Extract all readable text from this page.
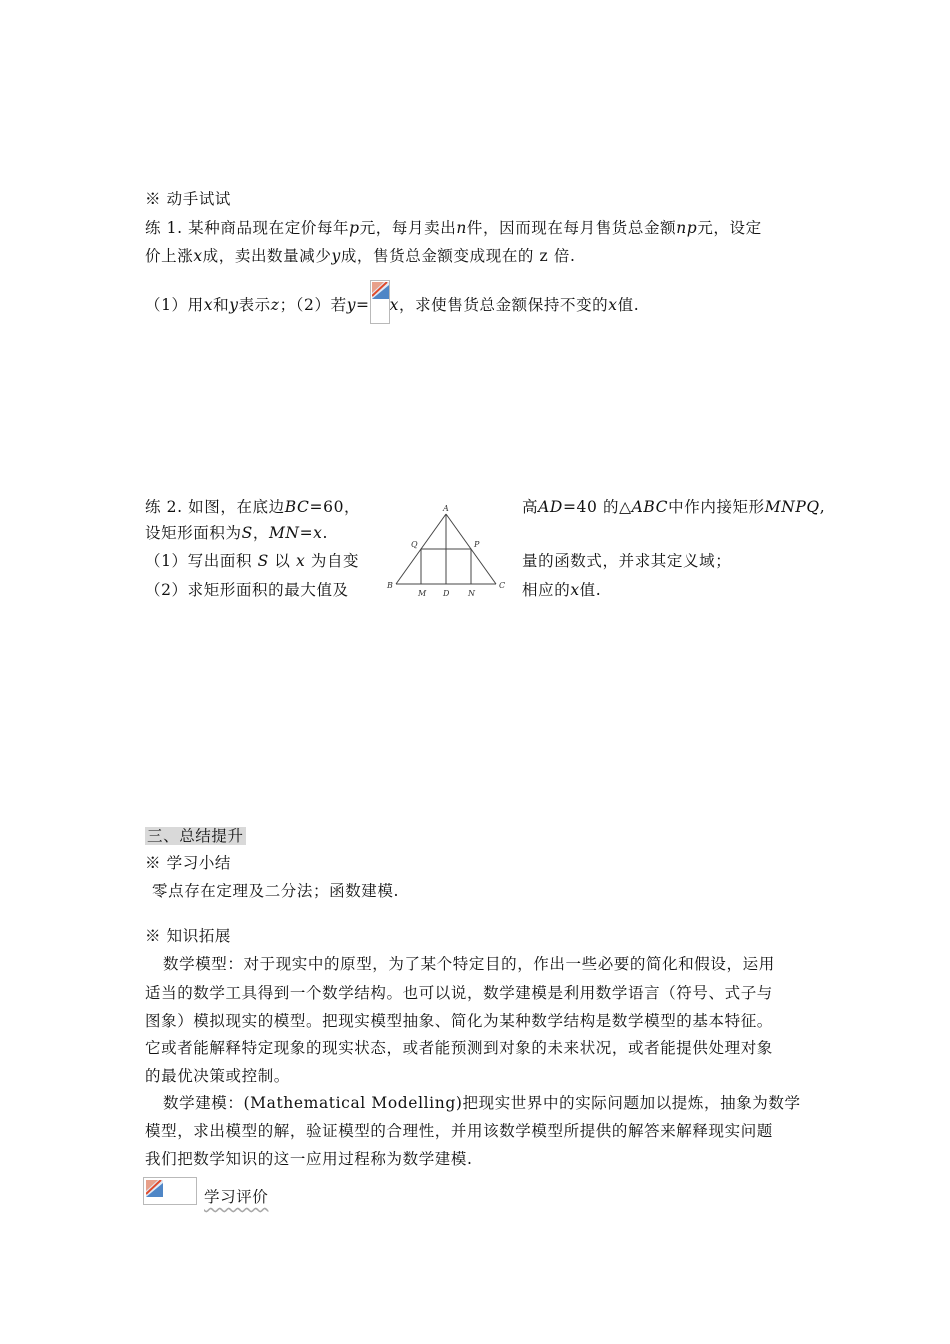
※ 动手试试
练 1. 某种商品现在定价每年p元，每月卖出n件，因而现在每月售货总金额np元，设定
价上涨x成，卖出数量减少y成，售货总金额变成现在的 z 倍.
（1）用x和y表示z；（2）若y= x，求使售货总金额保持不变的x值.
练 2. 如图，在底边BC=60，	高AD=40 的△ABC中作内接矩形MNPQ,
设矩形面积为S，MN=x.
（1）写出面积 S 以 x 为自变	量的函数式，并求其定义域；
（2）求矩形面积的最大值及	相应的x值.
A
B	C
D
M	N
P
Q
三、总结提升
※ 学习小结
零点存在定理及二分法；函数建模.
※ 知识拓展
数学模型：对于现实中的原型，为了某个特定目的，作出一些必要的简化和假设，运用
适当的数学工具得到一个数学结构。也可以说，数学建模是利用数学语言（符号、式子与
图象）模拟现实的模型。把现实模型抽象、简化为某种数学结构是数学模型的基本特征。
它或者能解释特定现象的现实状态，或者能预测到对象的未来状况，或者能提供处理对象
的最优决策或控制。
数学建模：(Mathematical Modelling)把现实世界中的实际问题加以提炼，抽象为数学
模型，求出模型的解，验证模型的合理性，并用该数学模型所提供的解答来解释现实问题
我们把数学知识的这一应用过程称为数学建模.
学习评价
